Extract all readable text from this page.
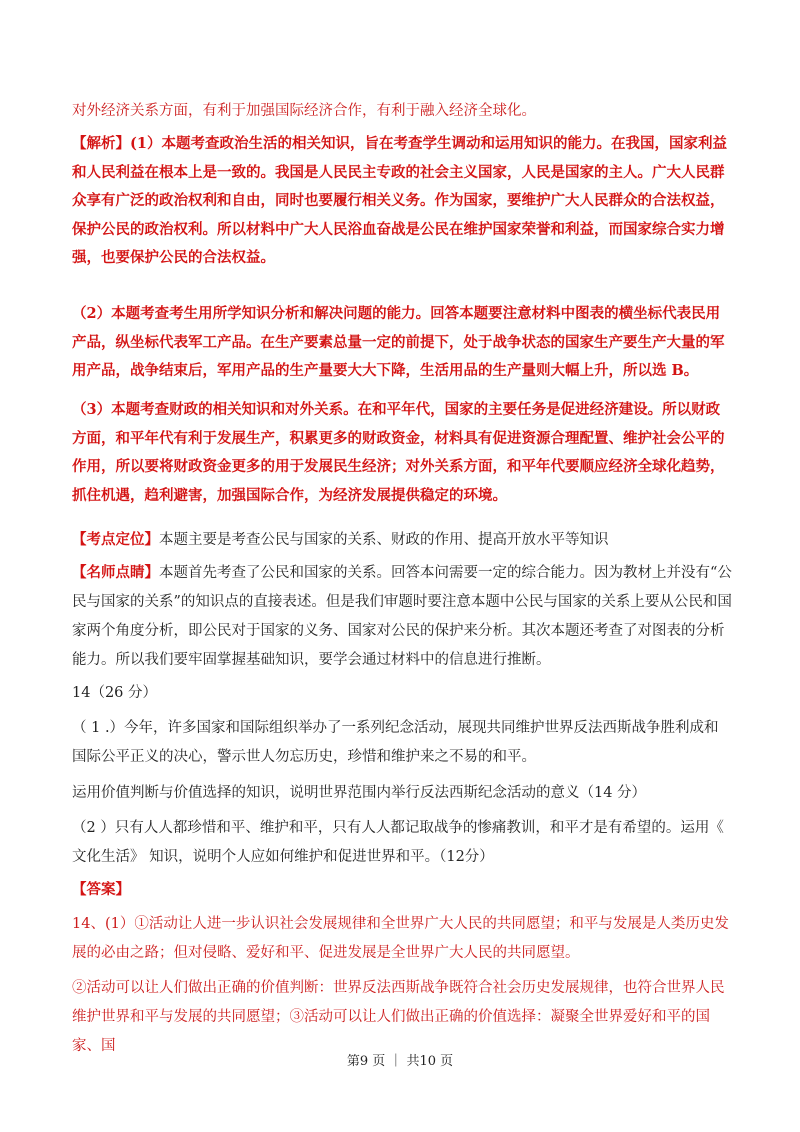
对外经济关系方面，有利于加强国际经济合作，有利于融入经济全球化。

【解析】(1）本题考查政治生活的相关知识，旨在考查学生调动和运用知识的能力。在我国，国家利益和人民利益在根本上是一致的。我国是人民民主专政的社会主义国家，人民是国家的主人。广大人民群众享有广泛的政治权利和自由，同时也要履行相关义务。作为国家，要维护广大人民群众的合法权益，保护公民的政治权利。所以材料中广大人民浴血奋战是公民在维护国家荣誉和利益，而国家综合实力增强，也要保护公民的合法权益。

（2）本题考查考生用所学知识分析和解决问题的能力。回答本题要注意材料中图表的横坐标代表民用产品，纵坐标代表军工产品。在生产要素总量一定的前提下，处于战争状态的国家生产要生产大量的军用产品，战争结束后，军用产品的生产量要大大下降，生活用品的生产量则大幅上升，所以选 B。

（3）本题考查财政的相关知识和对外关系。在和平年代，国家的主要任务是促进经济建设。所以财政方面，和平年代有利于发展生产，积累更多的财政资金，材料具有促进资源合理配置、维护社会公平的作用，所以要将财政资金更多的用于发展民生经济；对外关系方面，和平年代要顺应经济全球化趋势，抓住机遇，趋利避害，加强国际合作，为经济发展提供稳定的环境。

【考点定位】本题主要是考查公民与国家的关系、财政的作用、提高开放水平等知识

【名师点睛】本题首先考查了公民和国家的关系。回答本问需要一定的综合能力。因为教材上并没有“公民与国家的关系”的知识点的直接表述。但是我们审题时要注意本题中公民与国家的关系上要从公民和国家两个角度分析，即公民对于国家的义务、国家对公民的保护来分析。其次本题还考查了对图表的分析能力。所以我们要牢固掌握基础知识，要学会通过材料中的信息进行推断。

14（26 分）

（ 1 .）今年，许多国家和国际组织举办了一系列纪念活动，展现共同维护世界反法西斯战争胜利成和国际公平正义的决心，警示世人勿忘历史，珍惜和维护来之不易的和平。

运用价值判断与价值选择的知识，说明世界范围内举行反法西斯纪念活动的意义（14 分）

（2 ）只有人人都珍惜和平、维护和平，只有人人都记取战争的惨痛教训，和平才是有希望的。运用《 文化生活》 知识，说明个人应如何维护和促进世界和平。（12分）

【答案】

14、(1）①活动让人进一步认识社会发展规律和全世界广大人民的共同愿望；和平与发展是人类历史发展的必由之路；但对侵略、爱好和平、促进发展是全世界广大人民的共同愿望。

②活动可以让人们做出正确的价值判断：世界反法西斯战争既符合社会历史发展规律，也符合世界人民维护世界和平与发展的共同愿望；③活动可以让人们做出正确的价值选择：凝聚全世界爱好和平的国家、国

第9 页 ｜ 共10 页
